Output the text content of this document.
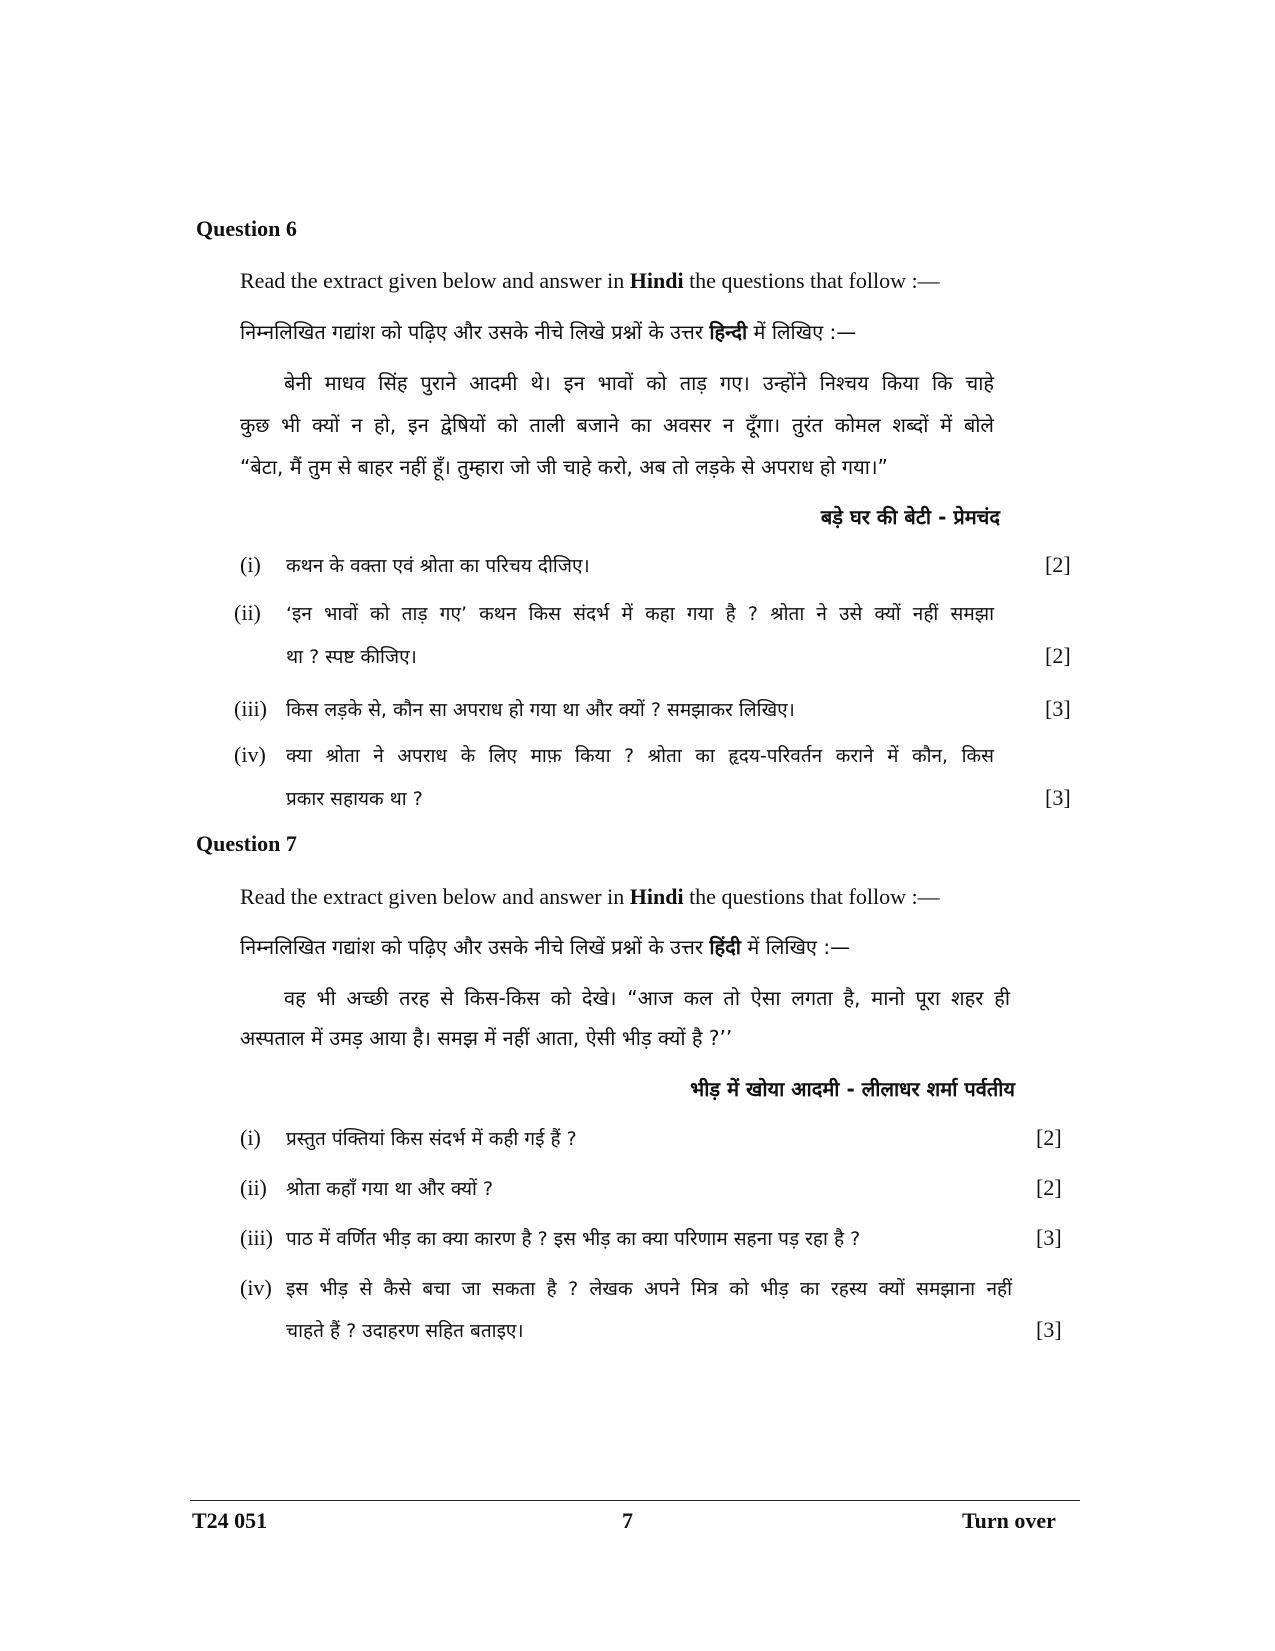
Question 6
Read the extract given below and answer in Hindi the questions that follow :—
निम्नलिखित गद्यांश को पढ़िए और उसके नीचे लिखे प्रश्नों के उत्तर हिन्दी में लिखिए :—
बेनी माधव सिंह पुराने आदमी थे। इन भावों को ताड़ गए। उन्होंने निश्चय किया कि चाहे
कुछ भी क्यों न हो, इन द्वेषियों को ताली बजाने का अवसर न दूँगा। तुरंत कोमल शब्दों में बोले
“बेटा, मैं तुम से बाहर नहीं हूँ। तुम्हारा जो जी चाहे करो, अब तो लड़के से अपराध हो गया।”
बड़े घर की बेटी - प्रेमचंद
(i) कथन के वक्ता एवं श्रोता का परिचय दीजिए।	[2]
(ii) ‘इन भावों को ताड़ गए’ कथन किस संदर्भ में कहा गया है ? श्रोता ने उसे क्यों नहीं समझा
था ? स्पष्ट कीजिए।	[2]
(iii) किस लड़के से, कौन सा अपराध हो गया था और क्यों ? समझाकर लिखिए।	[3]
(iv) क्या श्रोता ने अपराध के लिए माफ़ किया ? श्रोता का हृदय-परिवर्तन कराने में कौन, किस
प्रकार सहायक था ?	[3]
Question 7
Read the extract given below and answer in Hindi the questions that follow :—
निम्नलिखित गद्यांश को पढ़िए और उसके नीचे लिखें प्रश्नों के उत्तर हिंदी में लिखिए :—
वह भी अच्छी तरह से किस-किस को देखे। “आज कल तो ऐसा लगता है, मानो पूरा शहर ही
अस्पताल में उमड़ आया है। समझ में नहीं आता, ऐसी भीड़ क्यों है ?’’
भीड़ में खोया आदमी - लीलाधर शर्मा पर्वतीय
(i) प्रस्तुत पंक्तियां किस संदर्भ में कही गई हैं ?	[2]
(ii) श्रोता कहाँ गया था और क्यों ?	[2]
(iii) पाठ में वर्णित भीड़ का क्या कारण है ? इस भीड़ का क्या परिणाम सहना पड़ रहा है ?	[3]
(iv) इस भीड़ से कैसे बचा जा सकता है ? लेखक अपने मित्र को भीड़ का रहस्य क्यों समझाना नहीं
चाहते हैं ? उदाहरण सहित बताइए।	[3]
T24 051	7	Turn over
